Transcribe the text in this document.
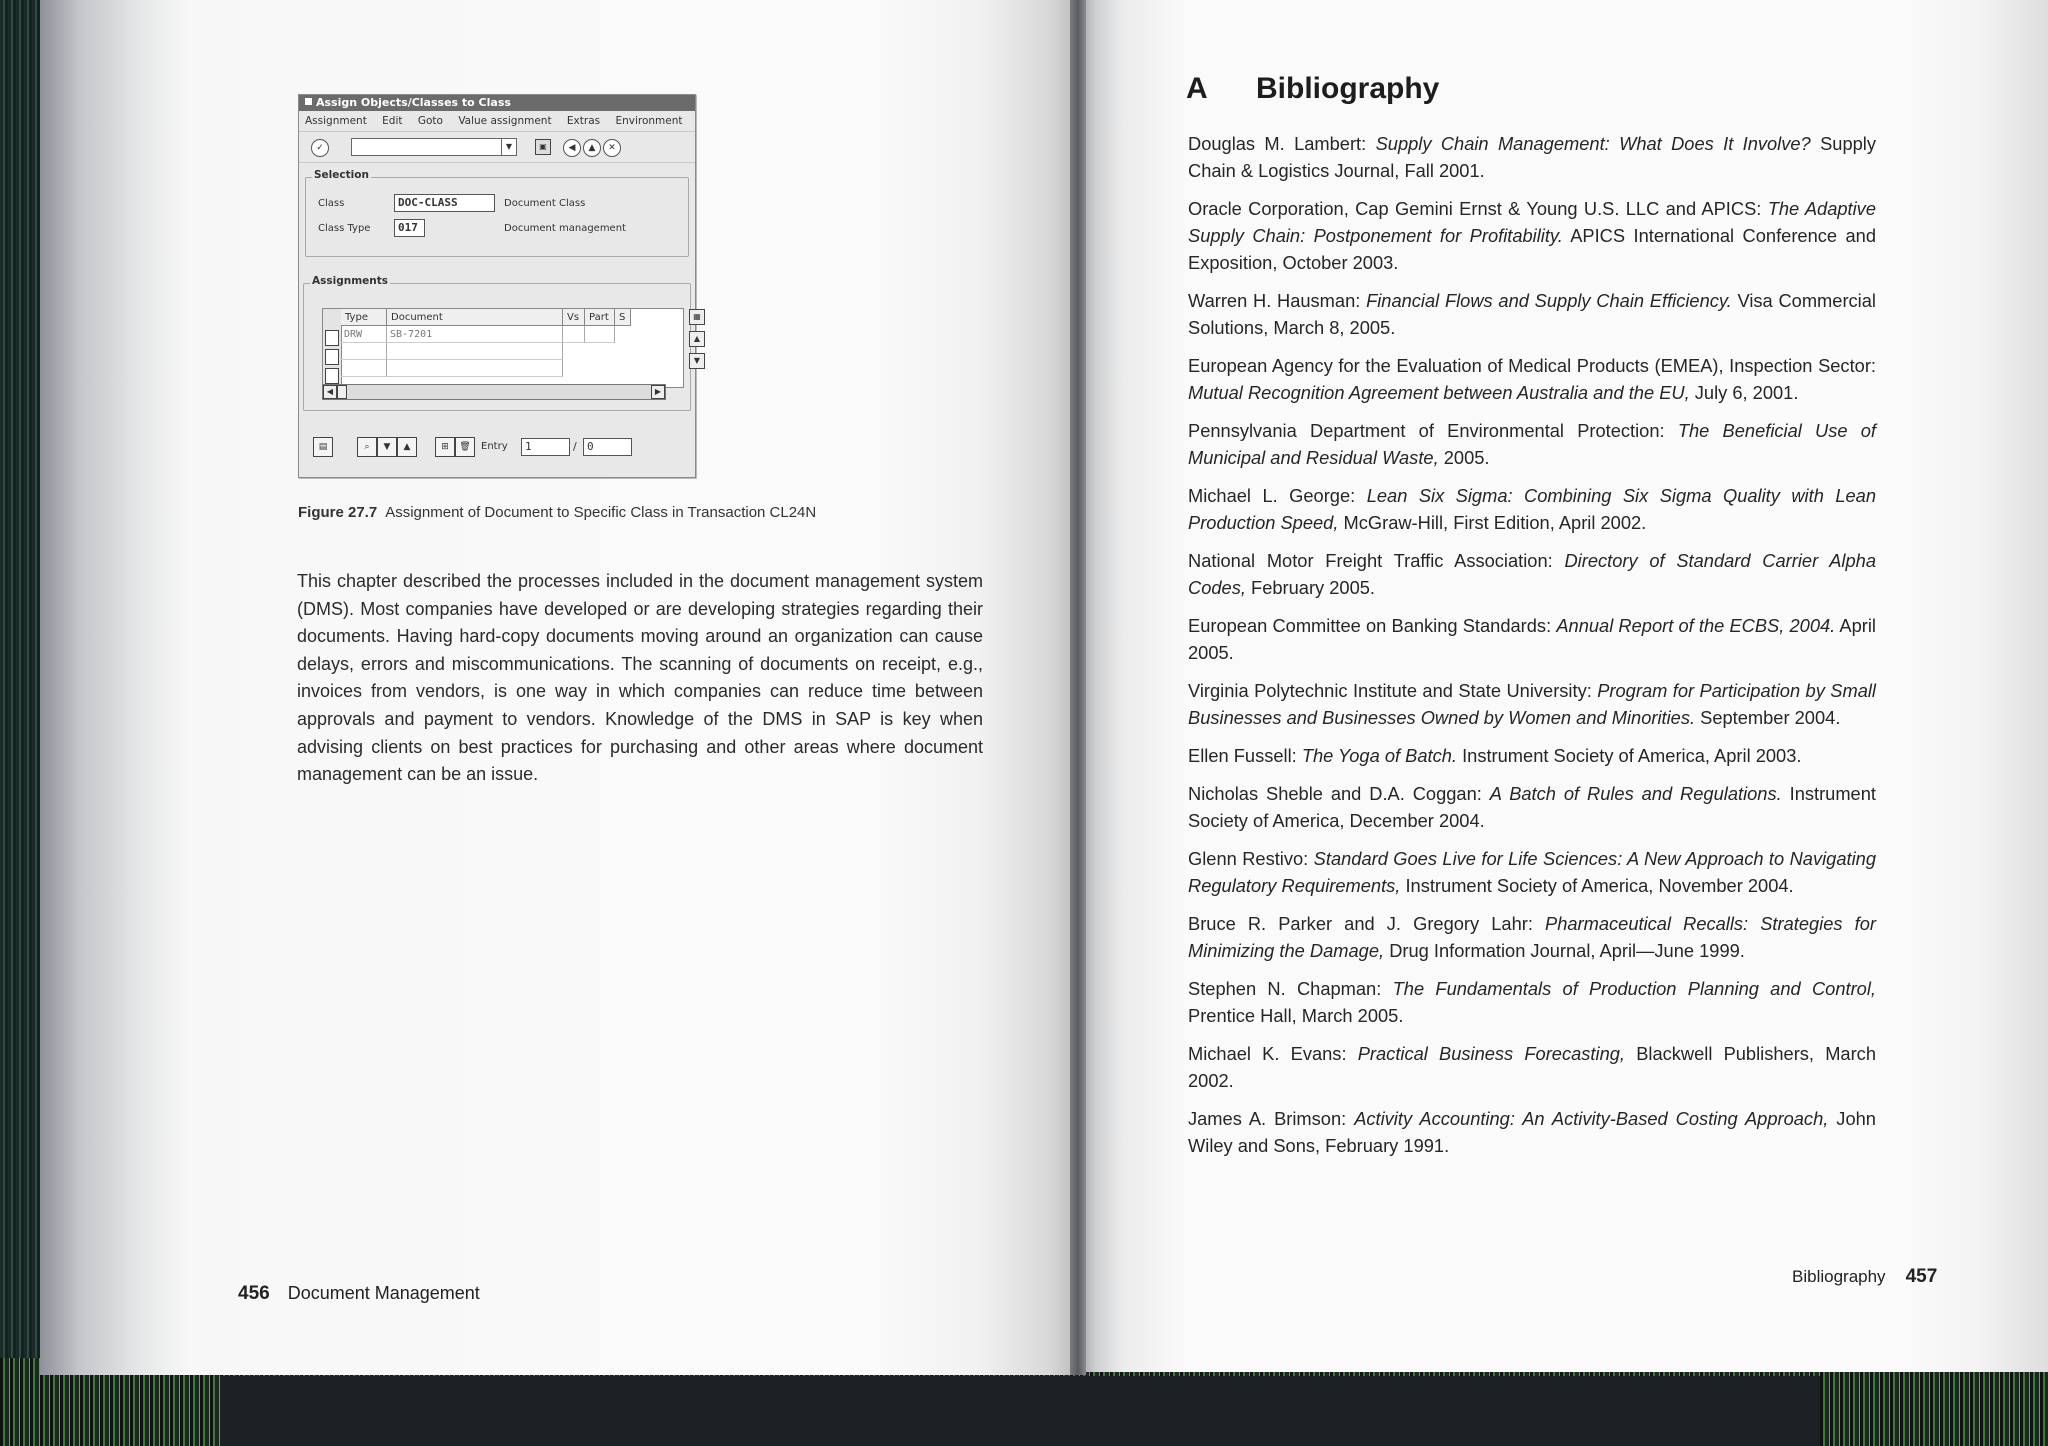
Assign Objects/Classes to Class
Assignment Edit Goto Value assignment Extras Environment
✓	▼	▣	◀	▲	✕
Selection
Class	DOC-CLASS	Document Class
Class Type	017	Document management
Assignments
Type	Document	Vs Part	S
DRW	SB-7201
▦
▲
▼
◀	▶
▤	⌕	▼	▲	⊞	🗑	Entry	1	/ 0
Figure 27.7 Assignment of Document to Specific Class in Transaction CL24N

This chapter described the processes included in the document management system (DMS). Most companies have developed or are developing strategies regarding their documents. Having hard-copy documents moving around an organization can cause delays, errors and miscommunications. The scanning of documents on receipt, e.g., invoices from vendors, is one way in which companies can reduce time between approvals and payment to vendors. Knowledge of the DMS in SAP is key when advising clients on best practices for purchasing and other areas where document management can be an issue.

456 Document Management
A Bibliography
Douglas M. Lambert: Supply Chain Management: What Does It Involve? Supply Chain & Logistics Journal, Fall 2001.
Oracle Corporation, Cap Gemini Ernst & Young U.S. LLC and APICS: The Adaptive Supply Chain: Postponement for Profitability. APICS International Conference and Exposition, October 2003.
Warren H. Hausman: Financial Flows and Supply Chain Efficiency. Visa Commercial Solutions, March 8, 2005.
European Agency for the Evaluation of Medical Products (EMEA), Inspection Sector: Mutual Recognition Agreement between Australia and the EU, July 6, 2001.
Pennsylvania Department of Environmental Protection: The Beneficial Use of Municipal and Residual Waste, 2005.
Michael L. George: Lean Six Sigma: Combining Six Sigma Quality with Lean Production Speed, McGraw-Hill, First Edition, April 2002.
National Motor Freight Traffic Association: Directory of Standard Carrier Alpha Codes, February 2005.
European Committee on Banking Standards: Annual Report of the ECBS, 2004. April 2005.
Virginia Polytechnic Institute and State University: Program for Participation by Small Businesses and Businesses Owned by Women and Minorities. September 2004.
Ellen Fussell: The Yoga of Batch. Instrument Society of America, April 2003.
Nicholas Sheble and D.A. Coggan: A Batch of Rules and Regulations. Instrument Society of America, December 2004.
Glenn Restivo: Standard Goes Live for Life Sciences: A New Approach to Navigating Regulatory Requirements, Instrument Society of America, November 2004.
Bruce R. Parker and J. Gregory Lahr: Pharmaceutical Recalls: Strategies for Minimizing the Damage, Drug Information Journal, April—June 1999.
Stephen N. Chapman: The Fundamentals of Production Planning and Control, Prentice Hall, March 2005.
Michael K. Evans: Practical Business Forecasting, Blackwell Publishers, March 2002.
James A. Brimson: Activity Accounting: An Activity-Based Costing Approach, John Wiley and Sons, February 1991.
Bibliography 457
